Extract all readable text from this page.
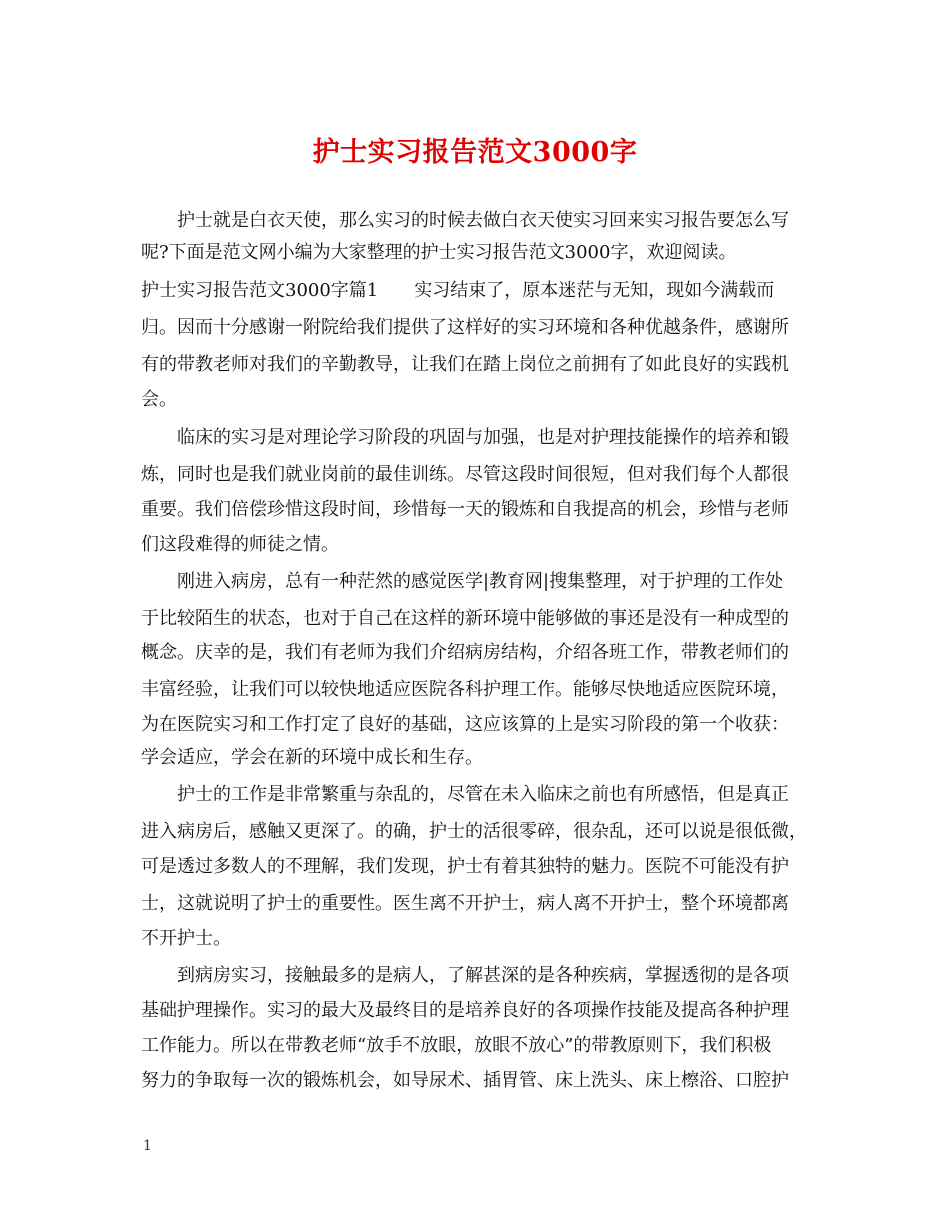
护士实习报告范文3000字
　　护士就是白衣天使，那么实习的时候去做白衣天使实习回来实习报告要怎么写
呢?下面是范文网小编为大家整理的护士实习报告范文3000字，欢迎阅读。
护士实习报告范文3000字篇1　　实习结束了，原本迷茫与无知，现如今满载而
归。因而十分感谢一附院给我们提供了这样好的实习环境和各种优越条件，感谢所
有的带教老师对我们的辛勤教导，让我们在踏上岗位之前拥有了如此良好的实践机
会。
　　临床的实习是对理论学习阶段的巩固与加强，也是对护理技能操作的培养和锻
炼，同时也是我们就业岗前的最佳训练。尽管这段时间很短，但对我们每个人都很
重要。我们倍偿珍惜这段时间，珍惜每一天的锻炼和自我提高的机会，珍惜与老师
们这段难得的师徒之情。
　　刚进入病房，总有一种茫然的感觉医学|教育网|搜集整理，对于护理的工作处
于比较陌生的状态，也对于自己在这样的新环境中能够做的事还是没有一种成型的
概念。庆幸的是，我们有老师为我们介绍病房结构，介绍各班工作，带教老师们的
丰富经验，让我们可以较快地适应医院各科护理工作。能够尽快地适应医院环境，
为在医院实习和工作打定了良好的基础，这应该算的上是实习阶段的第一个收获：
学会适应，学会在新的环境中成长和生存。
　　护士的工作是非常繁重与杂乱的，尽管在未入临床之前也有所感悟，但是真正
进入病房后，感触又更深了。的确，护士的活很零碎，很杂乱，还可以说是很低微，
可是透过多数人的不理解，我们发现，护士有着其独特的魅力。医院不可能没有护
士，这就说明了护士的重要性。医生离不开护士，病人离不开护士，整个环境都离
不开护士。
　　到病房实习，接触最多的是病人，了解甚深的是各种疾病，掌握透彻的是各项
基础护理操作。实习的最大及最终目的是培养良好的各项操作技能及提高各种护理
工作能力。所以在带教老师“放手不放眼，放眼不放心”的带教原则下，我们积极
努力的争取每一次的锻炼机会，如导尿术、插胃管、床上洗头、床上檫浴、口腔护
1
